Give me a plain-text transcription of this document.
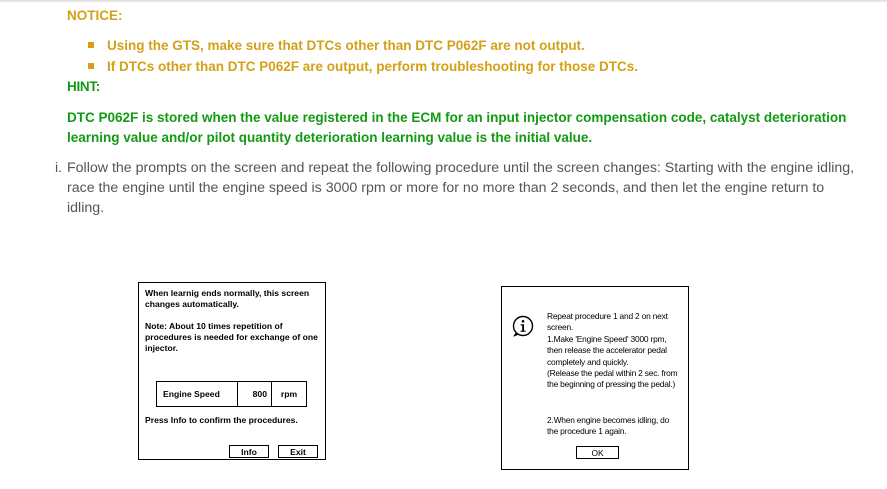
NOTICE:
Using the GTS, make sure that DTCs other than DTC P062F are not output.
If DTCs other than DTC P062F are output, perform troubleshooting for those DTCs.
HINT:
DTC P062F is stored when the value registered in the ECM for an input injector compensation code, catalyst deterioration learning value and/or pilot quantity deterioration learning value is the initial value.
i. Follow the prompts on the screen and repeat the following procedure until the screen changes: Starting with the engine idling, race the engine until the engine speed is 3000 rpm or more for no more than 2 seconds, and then let the engine return to idling.
When learnig ends normally, this screen changes automatically.
Note: About 10 times repetition of procedures is needed for exchange of one injector.
Engine Speed	800	rpm
Press Info to confirm the procedures.
Info	Exit
Repeat procedure 1 and 2 on next screen.
1.Make 'Engine Speed' 3000 rpm, then release the accelerator pedal completely and quickly.
(Release the pedal within 2 sec. from the beginning of pressing the pedal.)
2.When engine becomes idling, do the procedure 1 again.
OK
